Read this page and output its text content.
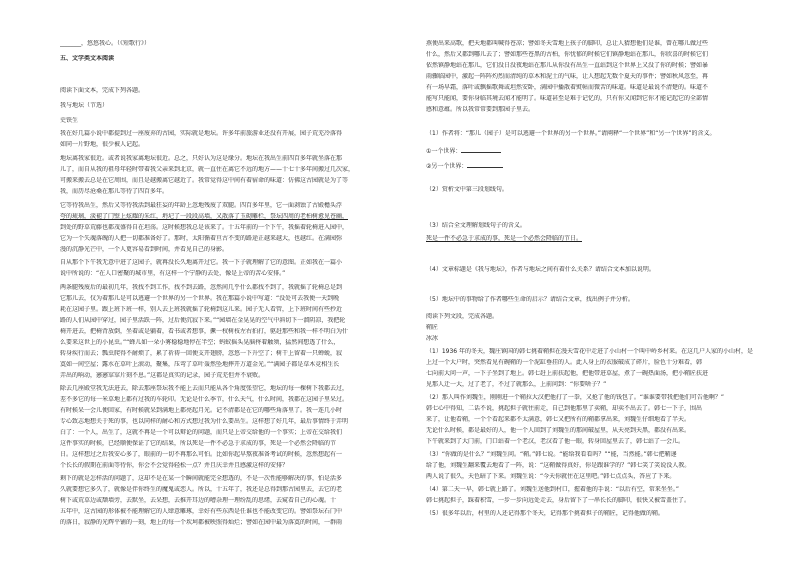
_______，悠悠我心。（《短歌行》）
五、文学类文本阅读
阅读下面文本，完成下列各题。
我与地坛（节选）
史铁生
我在好几篇小说中都提到过一座废弃的古园，实际就是地坛。许多年前旅游业还没有开展，园子荒芜冷落得
如同一片野地，很少被人记起。
地坛离我家很近。或者说我家离地坛很近。总之，只好认为这是缘分。地坛在我出生前四百多年就坐落在那
儿了，而自从我的祖母年轻时带着我父亲来到北京，就一直住在离它不远的地方——十七十多年间搬过几次家，
可搬来搬去总是在它周围，而且是越搬离它越近了。我常觉得这中间有着宿命的味道：仿佛这古园就是为了等
我，而历尽沧桑在那儿等待了四百多年。
它等待我出生，然后又等待我活到最狂妄的年龄上忽地残废了双腿。四百多年里，它一面剥蚀了古殿檐头浮
夸的琉璃，淡褪了门壁上炫耀的朱红，坍圮了一段段高墙，又散落了玉砌雕栏，祭坛四周的老柏树愈见苍幽，
到处的野草荒藤也都茂盛得自在坦荡。这时候想我总是该来了。十五年前的一个下午，我摇着轮椅进入园中，
它为一个失魂落魄的人把一切都准备好了。那时，太阳循着亘古不变的路途正越来越大，也越红。在满园弥
漫的沉静光芒中，一个人更容易看到时间，并看见自己的身影。
自从那个下午我无意中进了这园子，就再没长久地离开过它。我一下子就理解了它的意图。正如我在一篇小
说中所说的：“在人口密聚的城市里，有这样一个宁静的去处，像是上帝的苦心安排。”
两条腿残废后的最初几年，我找不到工作，找不到去路，忽然间几乎什么都找不到了，我就摇了轮椅总是到
它那儿去，仅为着那儿是可以逃避一个世界的另一个世界。我在那篇小说中写道：“没处可去我便一天到晚
耗在这园子里。跟上班下班一样，别人去上班我就摇了轮椅到这儿来。园子无人看管，上下班时间有些抄近
路的人们从园中穿过，园子里活跃一阵，过后便沉寂下来。”“园墙在金晃晃的空气中斜切下一溜阴凉，我把轮
椅开进去，把椅背放倒，坐着或是躺着，看书或者想事，撅一杈树枝左右拍打，驱赶那些和我一样不明白为什
么要来这世上的小昆虫。”“蜂儿如一朵小雾稳稳地停在半空；蚂蚁摇头晃脑捋着触须，猛然间想透了什么，
转身疾行而去；瓢虫爬得不耐烦了，累了祈祷一回便支开翅膀，忽悠一下升空了；树干上留着一只蝉蜕，寂
寞如一间空屋；露水在草叶上滚动，聚集，压弯了草叶轰然坠地摔开万道金光。”“满园子都是草木竞相生长
弄出的响动，窸窸窣窣片刻不息。”这都是真实的记录，园子荒芜但并不衰败。
除去几座殿堂我无法进去，除去那座祭坛我不能上去而只能从各个角度张望它，地坛的每一棵树下我都去过，
差不多它的每一米草地上都有过我的车轮印。无论是什么季节，什么天气，什么时间，我都在这园子里呆过。
有时候呆一会儿便回家，有时候就呆到满地上都亮起月光。记不清都是在它的哪些角落里了。我一连几小时
专心致志地想关于死的事，也以同样的耐心和方式想过我为什么要出生。这样想了好几年，最后事情终于弄明
白了：一个人，出生了，这就不再是一个可以辩论的问题，而只是上帝交给他的一个事实；上帝在交给我们
这件事实的时候，已经顺便保证了它的结果，所以死是一件不必急于求成的事，死是一个必然会降临的节
日。这样想过之后我安心多了，眼前的一切不再那么可怕。比如你起早熬夜准备考试的时候，忽然想起有一
个长长的假期在前面等待你，你会不会觉得轻松一点？并且庆幸并且感激这样的安排？
剩下的就是怎样活的问题了，这却不是在某一个瞬间就能完全想透的，不是一次性能够解决的事，怕是活多
久就要想它多久了，就像是伴你终生的魔鬼或恋人。所以，十五年了，我还是总得到那古园里去，去它的老
树下或荒草边或颓墙旁，去默坐，去呆想，去推开耳边的嘈杂理一理纷乱的思绪，去窥看自己的心魂。十
五年中，这古园的形体被不能理解它的人肆意雕琢，幸好有些东西是任谁也不能改变它的。譬如祭坛石门中
的落日，寂静的光辉平铺的一刻，地上的每一个坎坷都被映照得灿烂；譬如在园中最为落寞的时间，一群雨
燕便出来高歌，把天地都叫喊得苍凉；譬如冬天雪地上孩子的脚印，总让人猜想他们是谁，曾在哪儿做过些
什么，然后又都到哪儿去了；譬如那些苍黑的古柏，你忧郁的时候它们镇静地站在那儿，你欣喜的时候它们
依然镇静地站在那儿，它们没日没夜地站在那儿从你没有出生一直站到这个世界上又没了你的时候；譬如暴
雨骤临园中，激起一阵阵灼烈而清纯的草木和泥土的气味，让人想起无数个夏天的事件；譬如秋风忽至，再
有一场早霜，落叶或飘摇歌舞或坦然安卧，满园中播散着熨帖而微苦的味道。味道是最说不清楚的。味道不
能写只能闻，要你身临其境去闻才能明了。味道甚至是难于记忆的，只有你又闻到它你才能记起它的全部情
感和意蕴。所以我常常要到那园子里去。
（1）作者将：“那儿（园子）是可以逃避一个世界的另一个世界。”请阐释“一个世界”和“另一个世界”的含义。
①一个世界：
②另一个世界：
（2）赏析文中第三段划线句。
（3）结合全文理解划线句子的含义。
死是一件不必急于求成的事，死是一个必然会降临的节日。
（4）文章标题是《我与地坛》，作者与地坛之间有着什么关系？请结合文本加以说明。
（5）地坛中的事物给了作者哪些生命的启示？请结合文章，找出例子并分析。
阅读下列文段，完成各题。
鞘匠
冰冰
（1）1936 年的冬天，魏庄镇国的韩七挑着鞘担在漫天雪花中走进了小山村一个叫中岭乡村来。在这几户人家的小山村，是
上过一个大户时，突然看见有碗鞘的一个泥缸垂挂的人。此人身上的衣服破成了碎片，脸色十分难看，韩
七向前大问一声，一下子坐到了地上。韩七赶上前扶起他，把他带进草屋，煮了一碗热面汤，把小鞘匠扶进
见那人迁一大，过了老了，不过了就那么，上前问到：“你要啥子？”
（2）那人叫作刘魏生，刚刚进一个鞘拉大汉把他打了一拳，又抢了他的钱包了。“谁谁要带我把他们可告他啊？”
韩七心中得知，二话不说，挑起担子就往前走，自己到他那里了卖鞘，却卖不出去了。韩七一下子，围出
来了，让他看鞘，一个个看起来都不太满意，韩七又把所有的鞘都拿出来，刘魏生仔细地看了半天。
无论什么时候，都是最好的人，他一个人回到了刘魏生的那间破屋里，从天亮到天黑，都没有出来。
下午就来到了大门前，门口站着一个老汉，老汉看了他一眼，转身回屋里去了，韩七站了一会儿。
（3）“你做的是什么？”刘魏生问。“鞘。”韩七说。“能给我看看吗？”“能，当然能。”韩七把鞘递
给了他，刘魏生翻来覆去地看了一阵，说：“这鞘做得真好，你是跟谁学的？”韩七笑了笑说没人教。
两人说了很久，天色暗了下来。刘魏生说：“今天你就住在这里吧。”韩七点点头，答应了下来。
（4）第二天一早，韩七就上路了。刘魏生送他到村口，握着他的手说：“以后有空，常来坐坐。”
韩七挑起担子，踩着积雪，一步一步向远处走去，身后留下了一串长长的脚印，很快又被雪盖住了。
（5）很多年以后，村里的人还记得那个冬天，记得那个挑着担子的鞘匠，记得他做的鞘。
